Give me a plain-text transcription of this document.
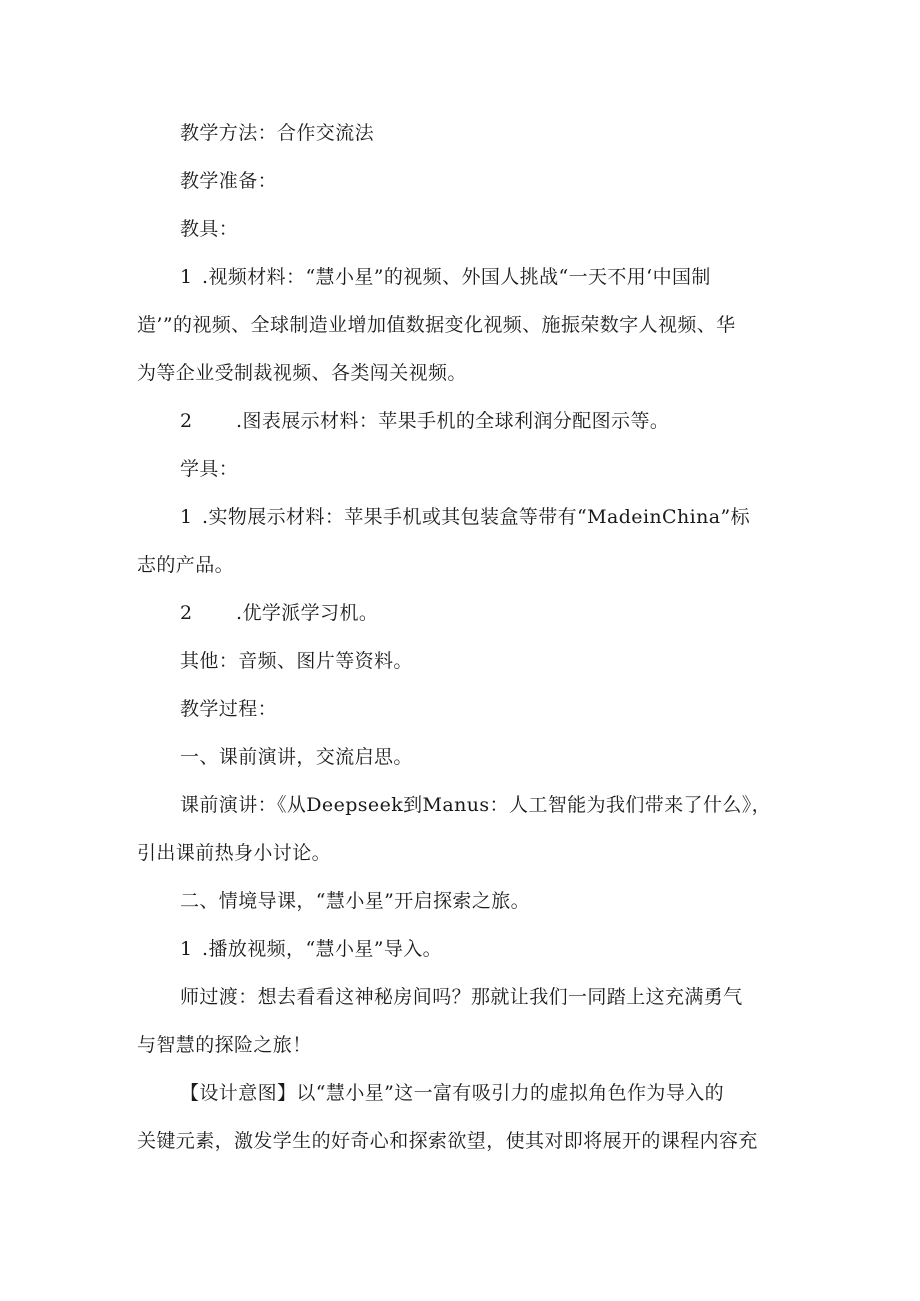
教学方法：合作交流法
教学准备：
教具：
1 .视频材料：“慧小星”的视频、外国人挑战“一天不用‘中国制
造’”的视频、全球制造业增加值数据变化视频、施振荣数字人视频、华
为等企业受制裁视频、各类闯关视频。
2 .图表展示材料：苹果手机的全球利润分配图示等。
学具：
1 .实物展示材料：苹果手机或其包装盒等带有“MadeinChina”标
志的产品。
2 .优学派学习机。
其他：音频、图片等资料。
教学过程：
一、课前演讲，交流启思。
课前演讲：《从Deepseek到Manus：人工智能为我们带来了什么》，
引出课前热身小讨论。
二、情境导课，“慧小星”开启探索之旅。
1 .播放视频，“慧小星”导入。
师过渡：想去看看这神秘房间吗？那就让我们一同踏上这充满勇气
与智慧的探险之旅！
【设计意图】以“慧小星”这一富有吸引力的虚拟角色作为导入的
关键元素，激发学生的好奇心和探索欲望，使其对即将展开的课程内容充
